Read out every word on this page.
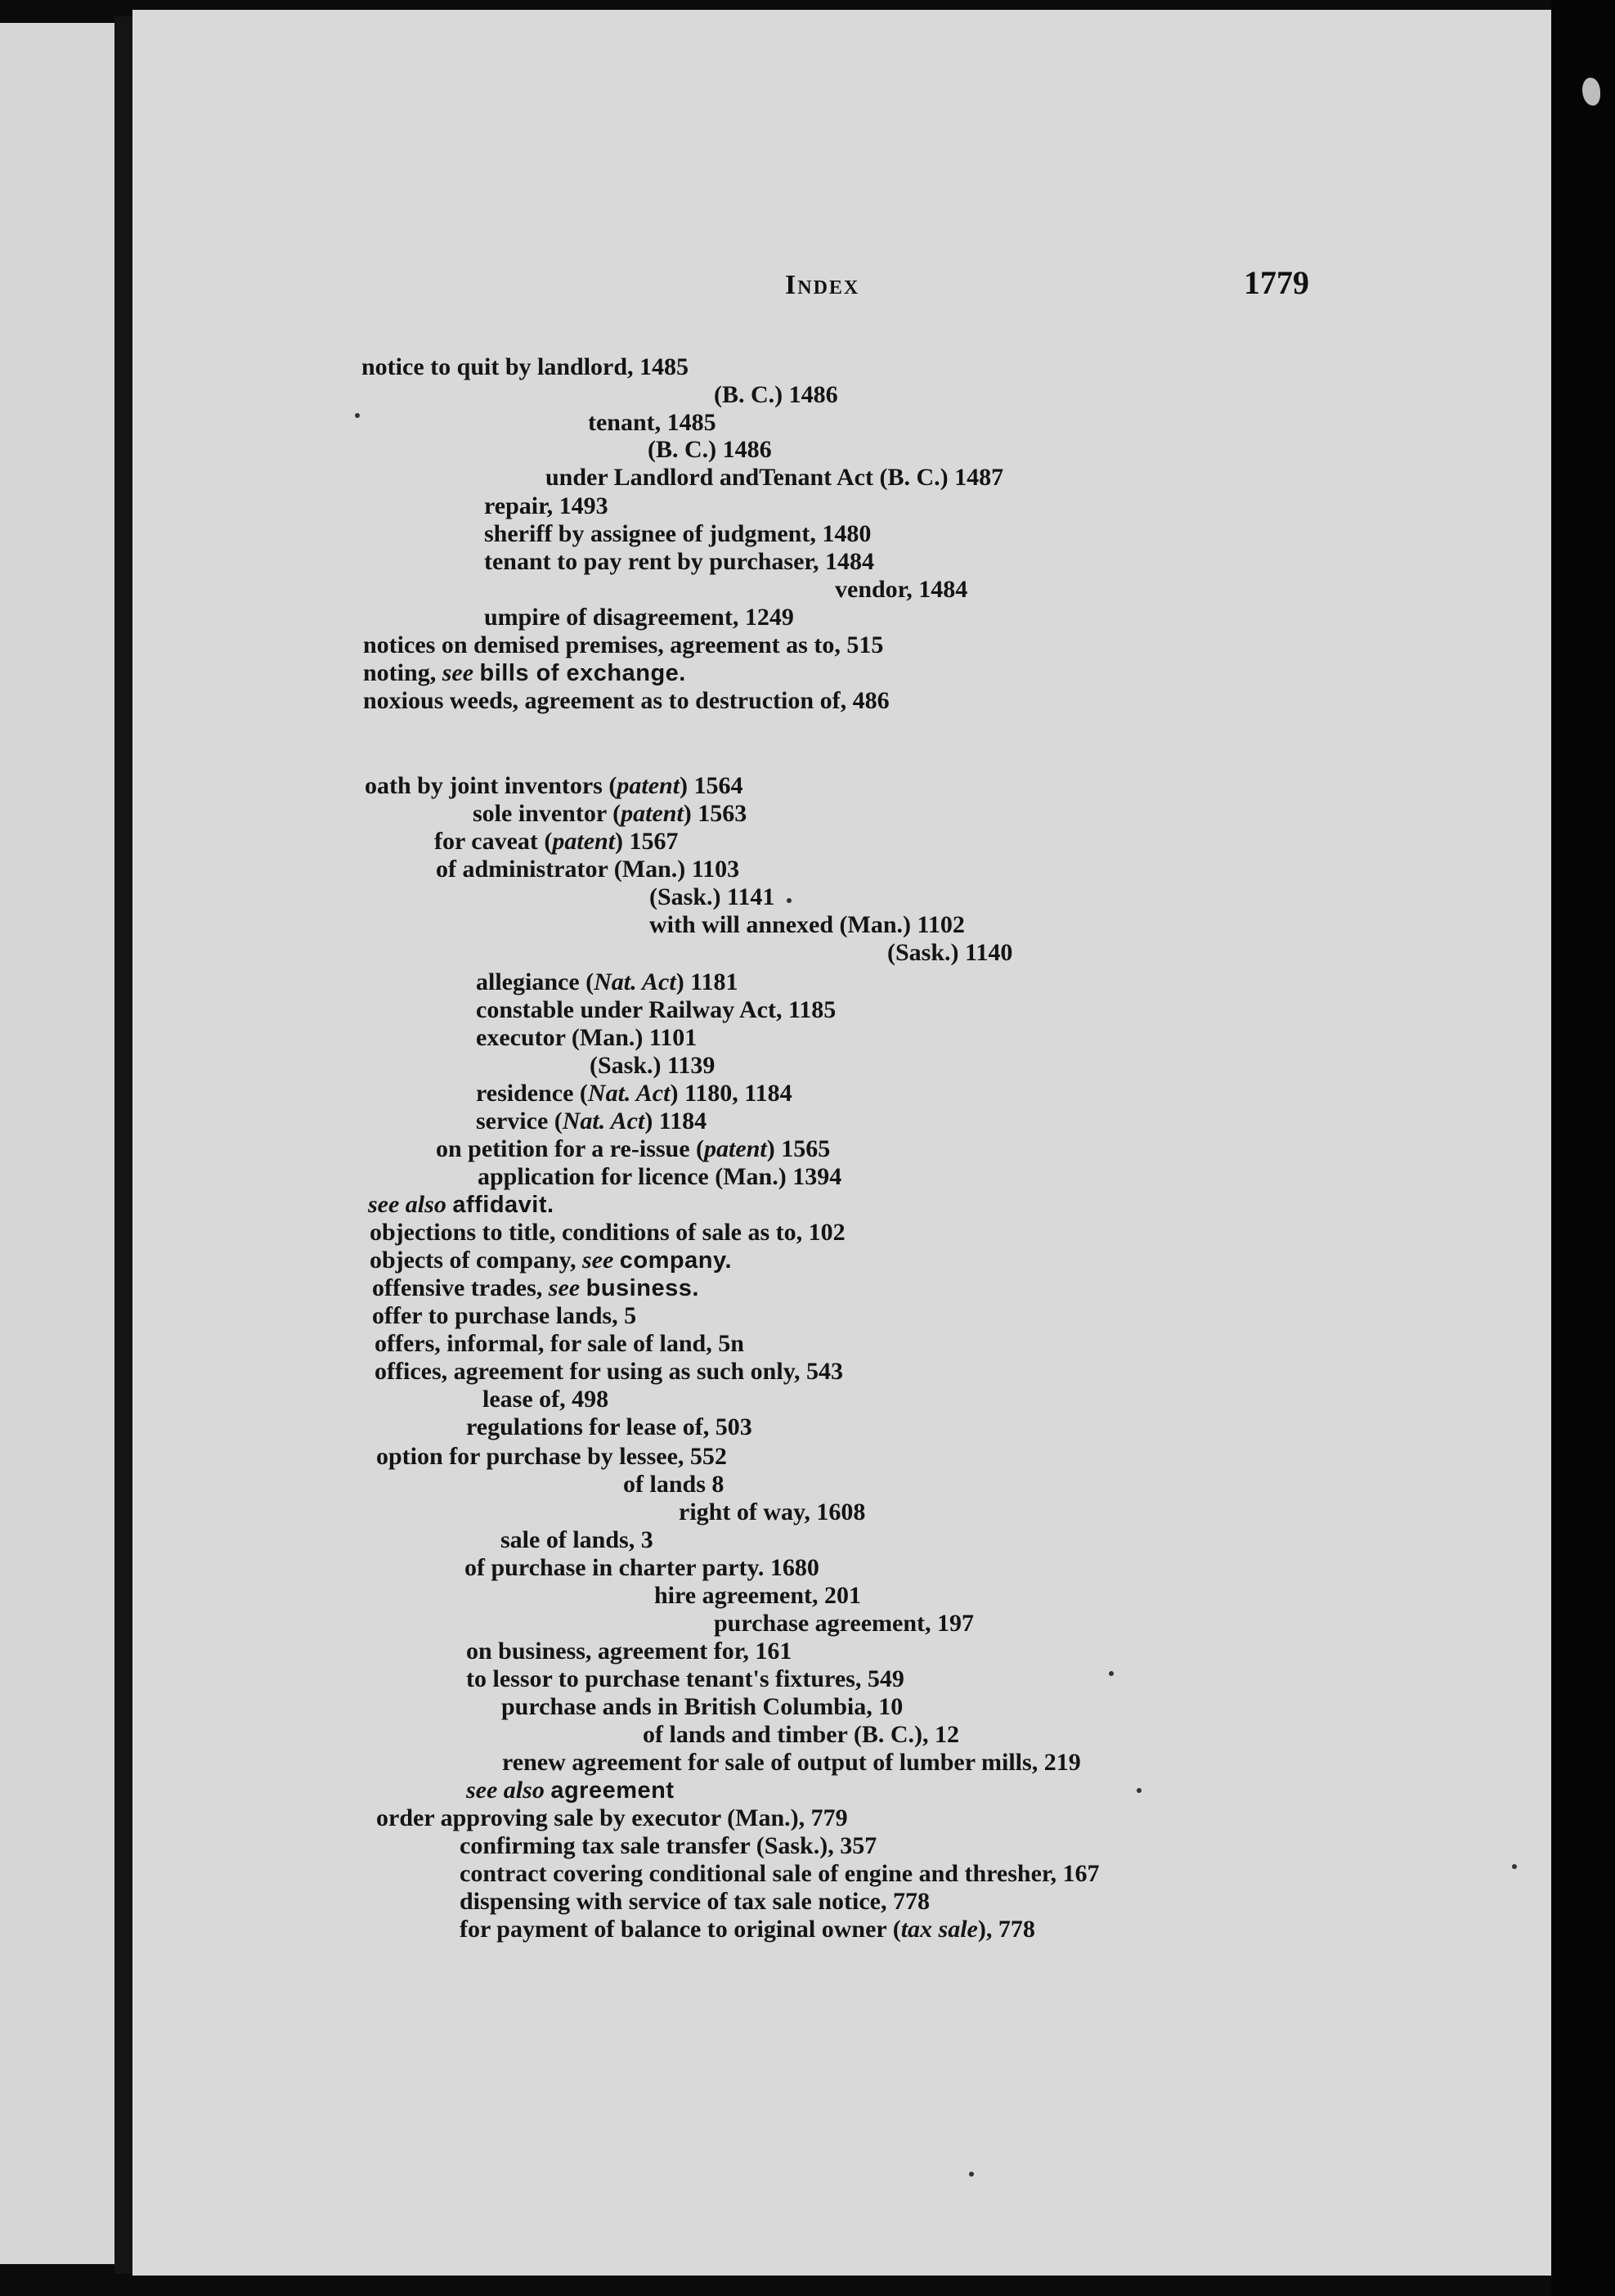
Index	1779
notice to quit by landlord, 1485
(B. C.) 1486
tenant, 1485
(B. C.) 1486
under Landlord andTenant Act (B. C.) 1487
repair, 1493
sheriff by assignee of judgment, 1480
tenant to pay rent by purchaser, 1484
vendor, 1484
umpire of disagreement, 1249
notices on demised premises, agreement as to, 515
noting, see bills of exchange.
noxious weeds, agreement as to destruction of, 486
oath by joint inventors (patent) 1564
sole inventor (patent) 1563
for caveat (patent) 1567
of administrator (Man.) 1103
(Sask.) 1141
with will annexed (Man.) 1102
(Sask.) 1140
allegiance (Nat. Act) 1181
constable under Railway Act, 1185
executor (Man.) 1101
(Sask.) 1139
residence (Nat. Act) 1180, 1184
service (Nat. Act) 1184
on petition for a re-issue (patent) 1565
application for licence (Man.) 1394
see also affidavit.
objections to title, conditions of sale as to, 102
objects of company, see company.
offensive trades, see business.
offer to purchase lands, 5
offers, informal, for sale of land, 5n
offices, agreement for using as such only, 543
lease of, 498
regulations for lease of, 503
option for purchase by lessee, 552
of lands 8
right of way, 1608
sale of lands, 3
of purchase in charter party. 1680
hire agreement, 201
purchase agreement, 197
on business, agreement for, 161
to lessor to purchase tenant's fixtures, 549
purchase ands in British Columbia, 10
of lands and timber (B. C.), 12
renew agreement for sale of output of lumber mills, 219
see also agreement
order approving sale by executor (Man.), 779
confirming tax sale transfer (Sask.), 357
contract covering conditional sale of engine and thresher, 167
dispensing with service of tax sale notice, 778
for payment of balance to original owner (tax sale), 778
